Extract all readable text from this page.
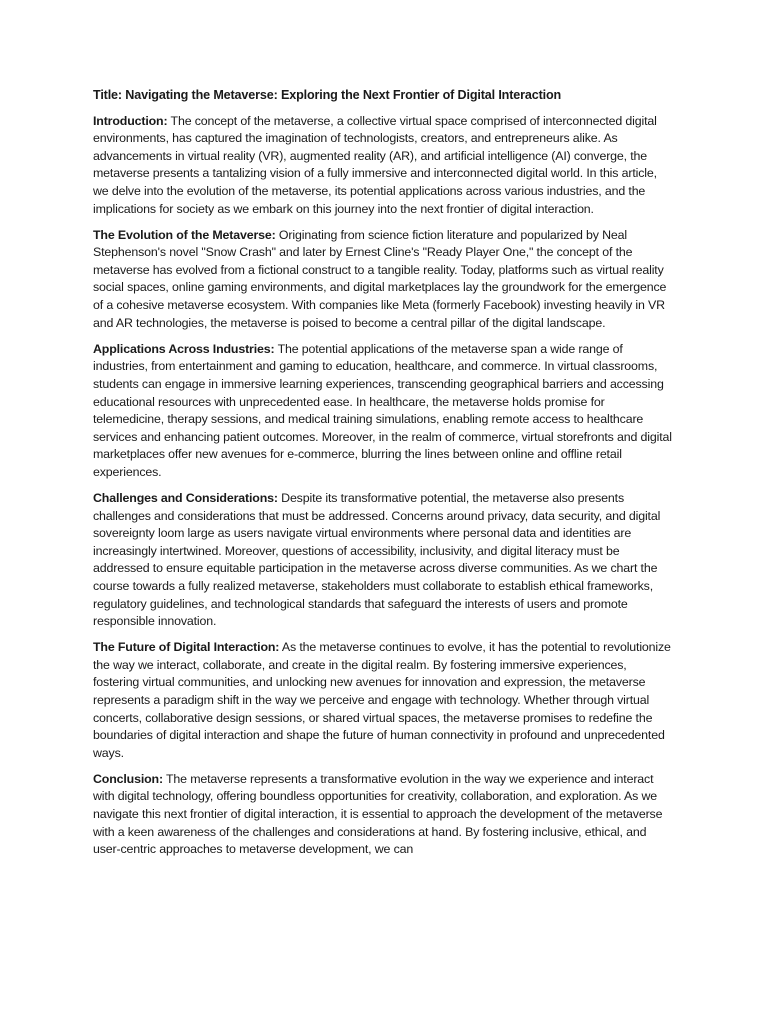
Title: Navigating the Metaverse: Exploring the Next Frontier of Digital Interaction

Introduction: The concept of the metaverse, a collective virtual space comprised of interconnected digital environments, has captured the imagination of technologists, creators, and entrepreneurs alike. As advancements in virtual reality (VR), augmented reality (AR), and artificial intelligence (AI) converge, the metaverse presents a tantalizing vision of a fully immersive and interconnected digital world. In this article, we delve into the evolution of the metaverse, its potential applications across various industries, and the implications for society as we embark on this journey into the next frontier of digital interaction.

The Evolution of the Metaverse: Originating from science fiction literature and popularized by Neal Stephenson's novel "Snow Crash" and later by Ernest Cline's "Ready Player One," the concept of the metaverse has evolved from a fictional construct to a tangible reality. Today, platforms such as virtual reality social spaces, online gaming environments, and digital marketplaces lay the groundwork for the emergence of a cohesive metaverse ecosystem. With companies like Meta (formerly Facebook) investing heavily in VR and AR technologies, the metaverse is poised to become a central pillar of the digital landscape.

Applications Across Industries: The potential applications of the metaverse span a wide range of industries, from entertainment and gaming to education, healthcare, and commerce. In virtual classrooms, students can engage in immersive learning experiences, transcending geographical barriers and accessing educational resources with unprecedented ease. In healthcare, the metaverse holds promise for telemedicine, therapy sessions, and medical training simulations, enabling remote access to healthcare services and enhancing patient outcomes. Moreover, in the realm of commerce, virtual storefronts and digital marketplaces offer new avenues for e-commerce, blurring the lines between online and offline retail experiences.

Challenges and Considerations: Despite its transformative potential, the metaverse also presents challenges and considerations that must be addressed. Concerns around privacy, data security, and digital sovereignty loom large as users navigate virtual environments where personal data and identities are increasingly intertwined. Moreover, questions of accessibility, inclusivity, and digital literacy must be addressed to ensure equitable participation in the metaverse across diverse communities. As we chart the course towards a fully realized metaverse, stakeholders must collaborate to establish ethical frameworks, regulatory guidelines, and technological standards that safeguard the interests of users and promote responsible innovation.

The Future of Digital Interaction: As the metaverse continues to evolve, it has the potential to revolutionize the way we interact, collaborate, and create in the digital realm. By fostering immersive experiences, fostering virtual communities, and unlocking new avenues for innovation and expression, the metaverse represents a paradigm shift in the way we perceive and engage with technology. Whether through virtual concerts, collaborative design sessions, or shared virtual spaces, the metaverse promises to redefine the boundaries of digital interaction and shape the future of human connectivity in profound and unprecedented ways.

Conclusion: The metaverse represents a transformative evolution in the way we experience and interact with digital technology, offering boundless opportunities for creativity, collaboration, and exploration. As we navigate this next frontier of digital interaction, it is essential to approach the development of the metaverse with a keen awareness of the challenges and considerations at hand. By fostering inclusive, ethical, and user-centric approaches to metaverse development, we can
